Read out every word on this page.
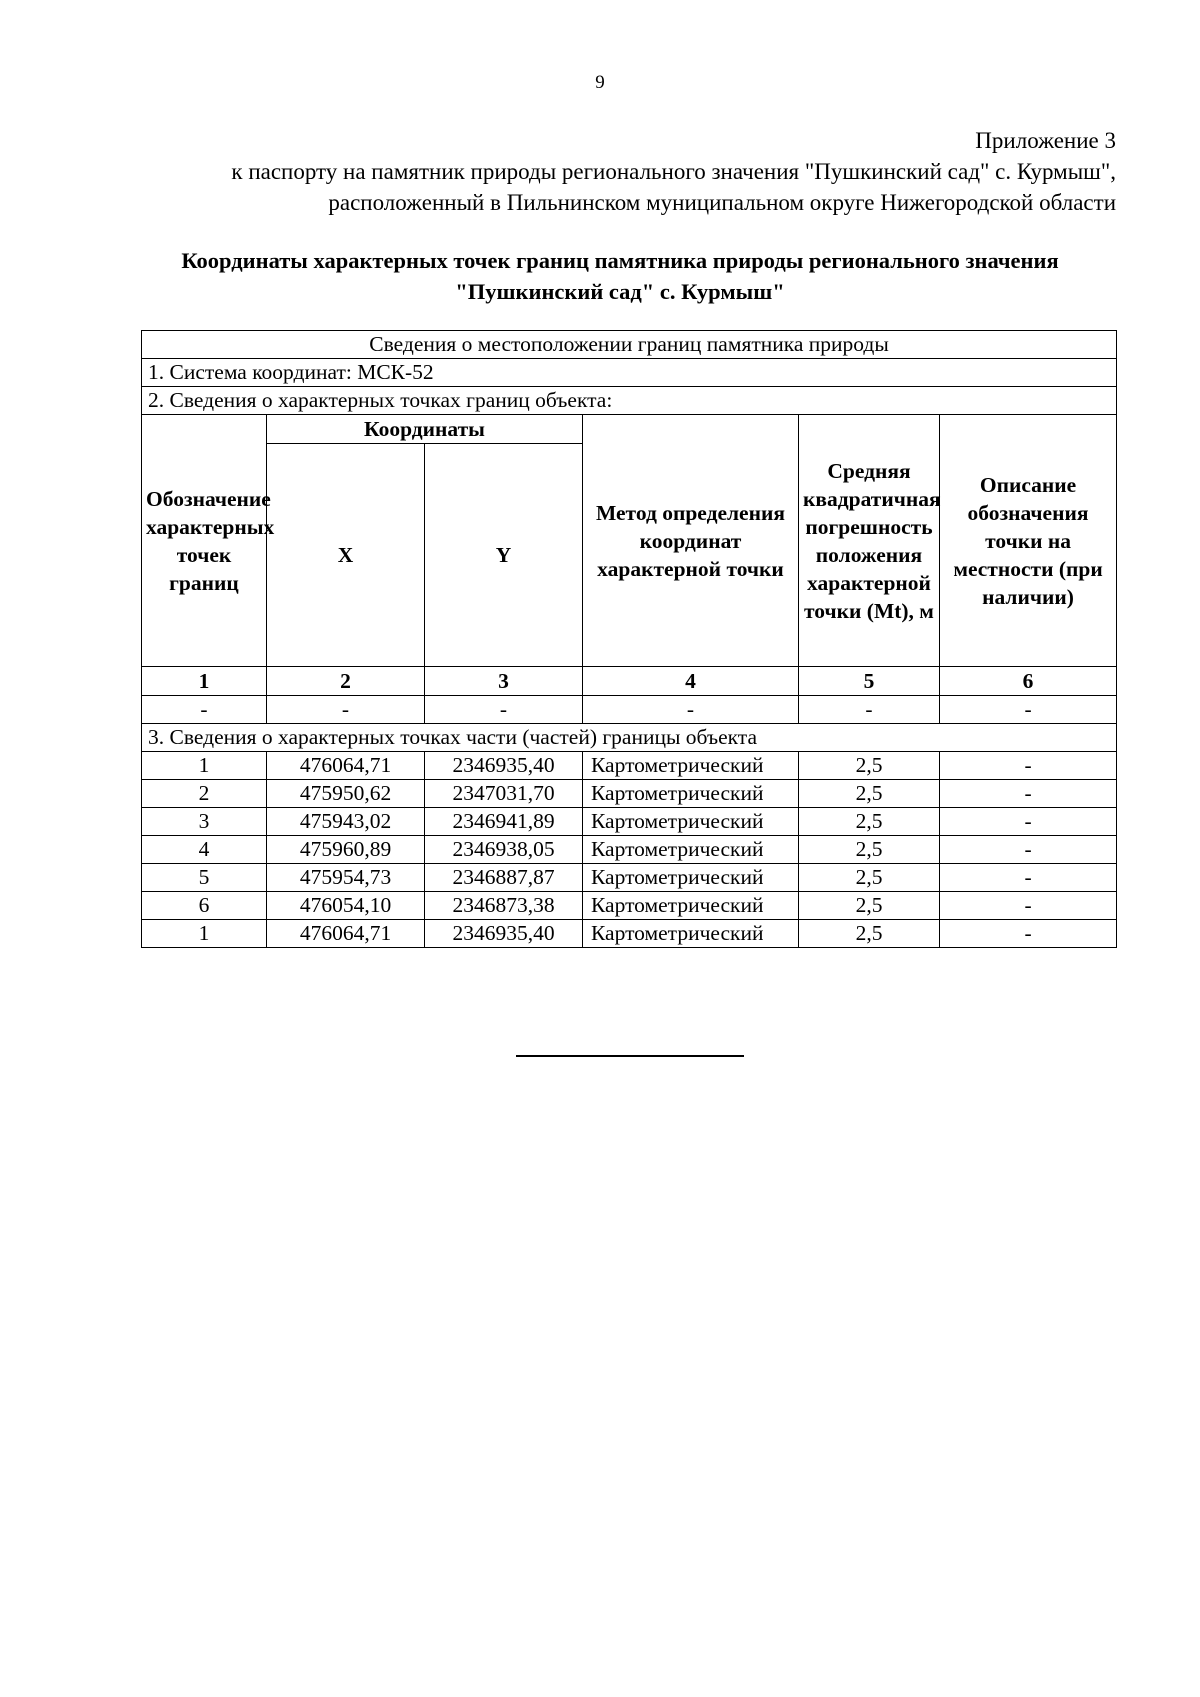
9
Приложение 3
к паспорту на памятник природы регионального значения "Пушкинский сад" с. Курмыш",
расположенный в Пильнинском муниципальном округе Нижегородской области
Координаты характерных точек границ памятника природы регионального значения
"Пушкинский сад" с. Курмыш"
Сведения о местоположении границ памятника природы					
1. Система координат: МСК-52					
2. Сведения о характерных точках границ объекта:					
Обозначение характерных точек границ	Координаты		Метод определения координат характерной точки	Средняя квадратичная погрешность положения характерной точки (Mt), м	Описание обозначения точки на местности (при наличии)
	X	Y			
1	2	3	4	5	6
-	-	-	-	-	-
3. Сведения о характерных точках части (частей) границы объекта					
1	476064,71	2346935,40	Картометрический	2,5	-
2	475950,62	2347031,70	Картометрический	2,5	-
3	475943,02	2346941,89	Картометрический	2,5	-
4	475960,89	2346938,05	Картометрический	2,5	-
5	475954,73	2346887,87	Картометрический	2,5	-
6	476054,10	2346873,38	Картометрический	2,5	-
1	476064,71	2346935,40	Картометрический	2,5	-
